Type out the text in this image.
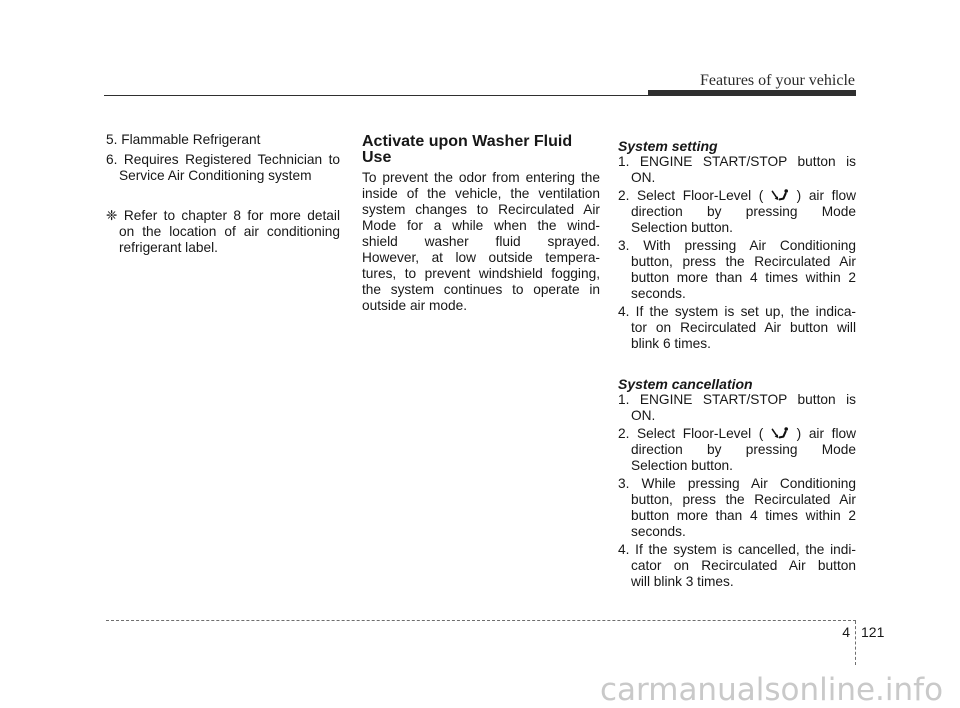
Features of your vehicle
5. Flammable Refrigerant
6. Requires Registered Technician to
Service Air Conditioning system
❈ Refer to chapter 8 for more detail
on the location of air conditioning
refrigerant label.
Activate upon Washer Fluid
Use
To prevent the odor from entering the
inside of the vehicle, the ventilation
system changes to Recirculated Air
Mode for a while when the wind-
shield washer fluid sprayed.
However, at low outside tempera-
tures, to prevent windshield fogging,
the system continues to operate in
outside air mode.
System setting
1. ENGINE START/STOP button is
ON.
2. Select Floor-Level ( ) air flow
direction by pressing Mode
Selection button.
3. With pressing Air Conditioning
button, press the Recirculated Air
button more than 4 times within 2
seconds.
4. If the system is set up, the indica-
tor on Recirculated Air button will
blink 6 times.
System cancellation
1. ENGINE START/STOP button is
ON.
2. Select Floor-Level ( ) air flow
direction by pressing Mode
Selection button.
3. While pressing Air Conditioning
button, press the Recirculated Air
button more than 4 times within 2
seconds.
4. If the system is cancelled, the indi-
cator on Recirculated Air button
will blink 3 times.
4 121
carmanualsonline.info
